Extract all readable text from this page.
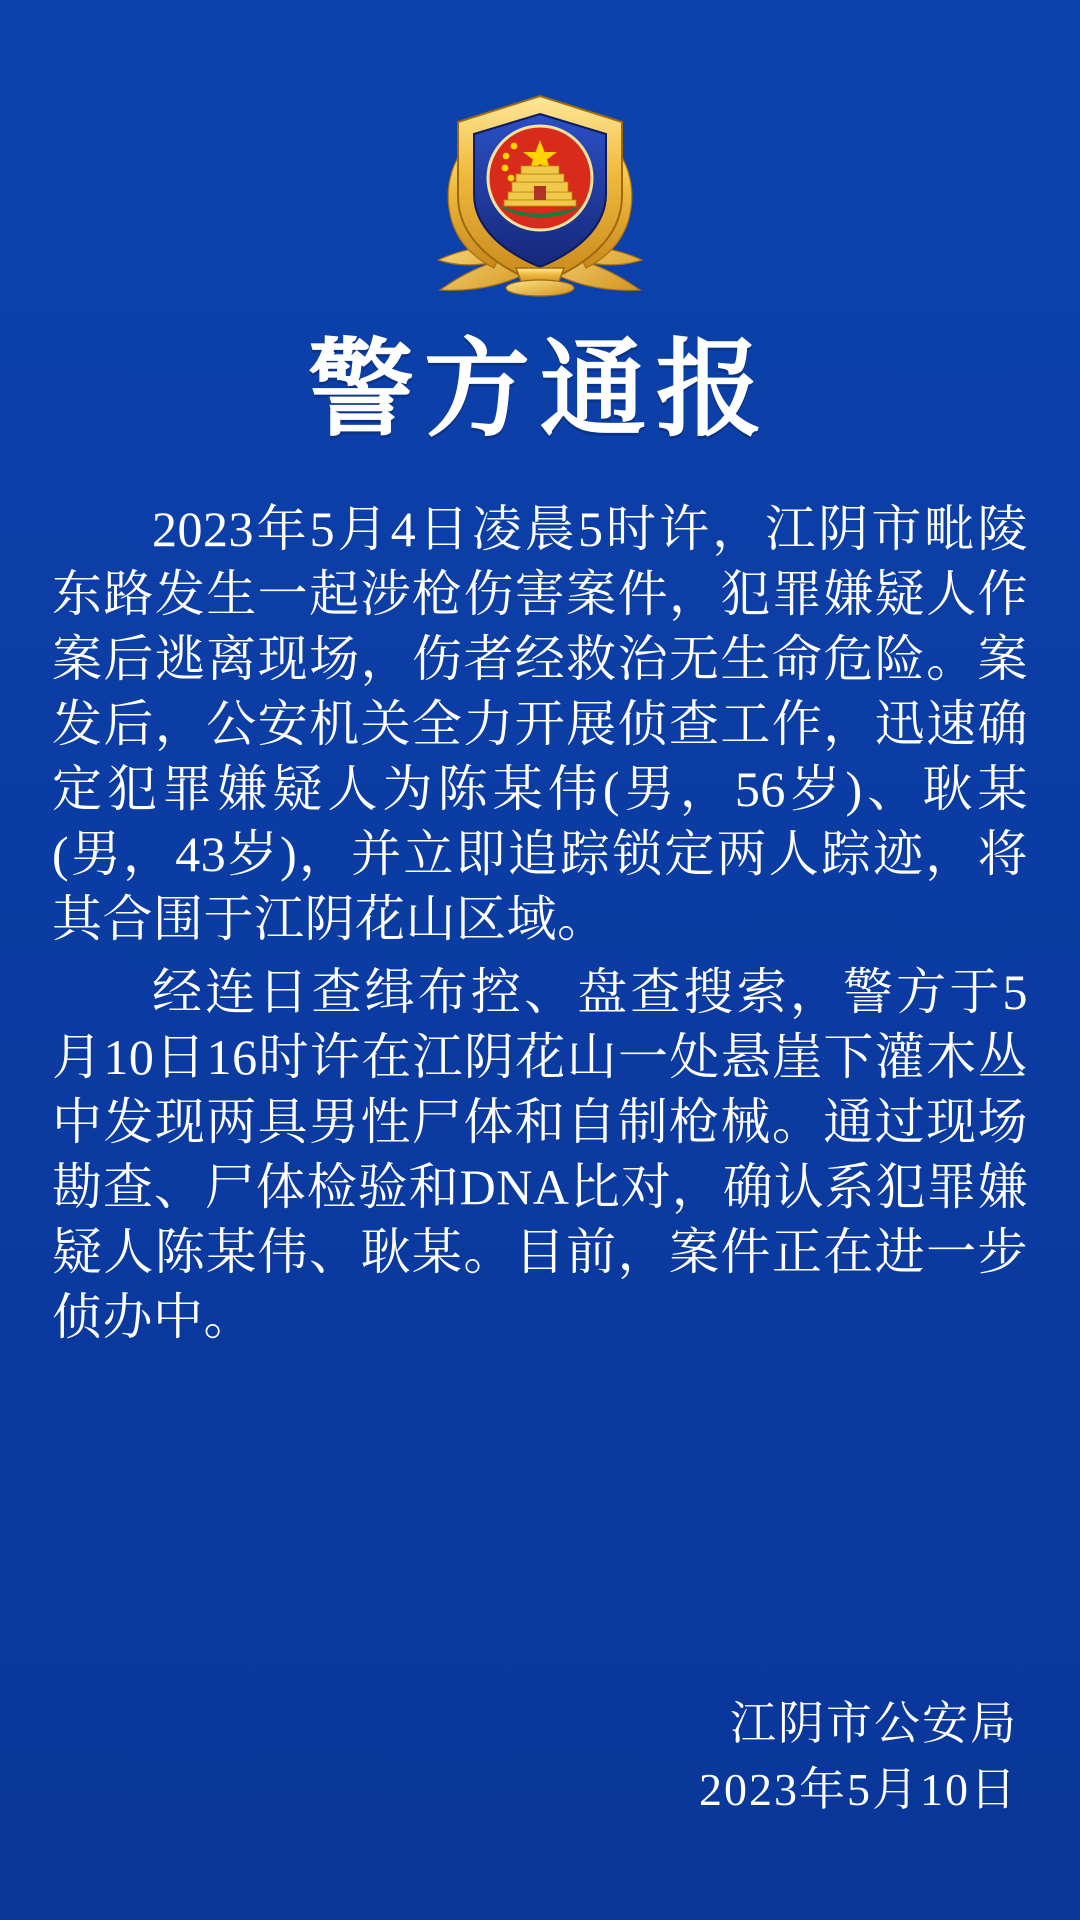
警方通报

2023年5月4日凌晨5时许，江阴市毗陵东路发生一起涉枪伤害案件，犯罪嫌疑人作案后逃离现场，伤者经救治无生命危险。案发后，公安机关全力开展侦查工作，迅速确定犯罪嫌疑人为陈某伟(男，56岁)、耿某(男，43岁)，并立即追踪锁定两人踪迹，将其合围于江阴花山区域。

经连日查缉布控、盘查搜索，警方于5月10日16时许在江阴花山一处悬崖下灌木丛中发现两具男性尸体和自制枪械。通过现场勘查、尸体检验和DNA比对，确认系犯罪嫌疑人陈某伟、耿某。目前，案件正在进一步侦办中。

江阴市公安局
2023年5月10日
